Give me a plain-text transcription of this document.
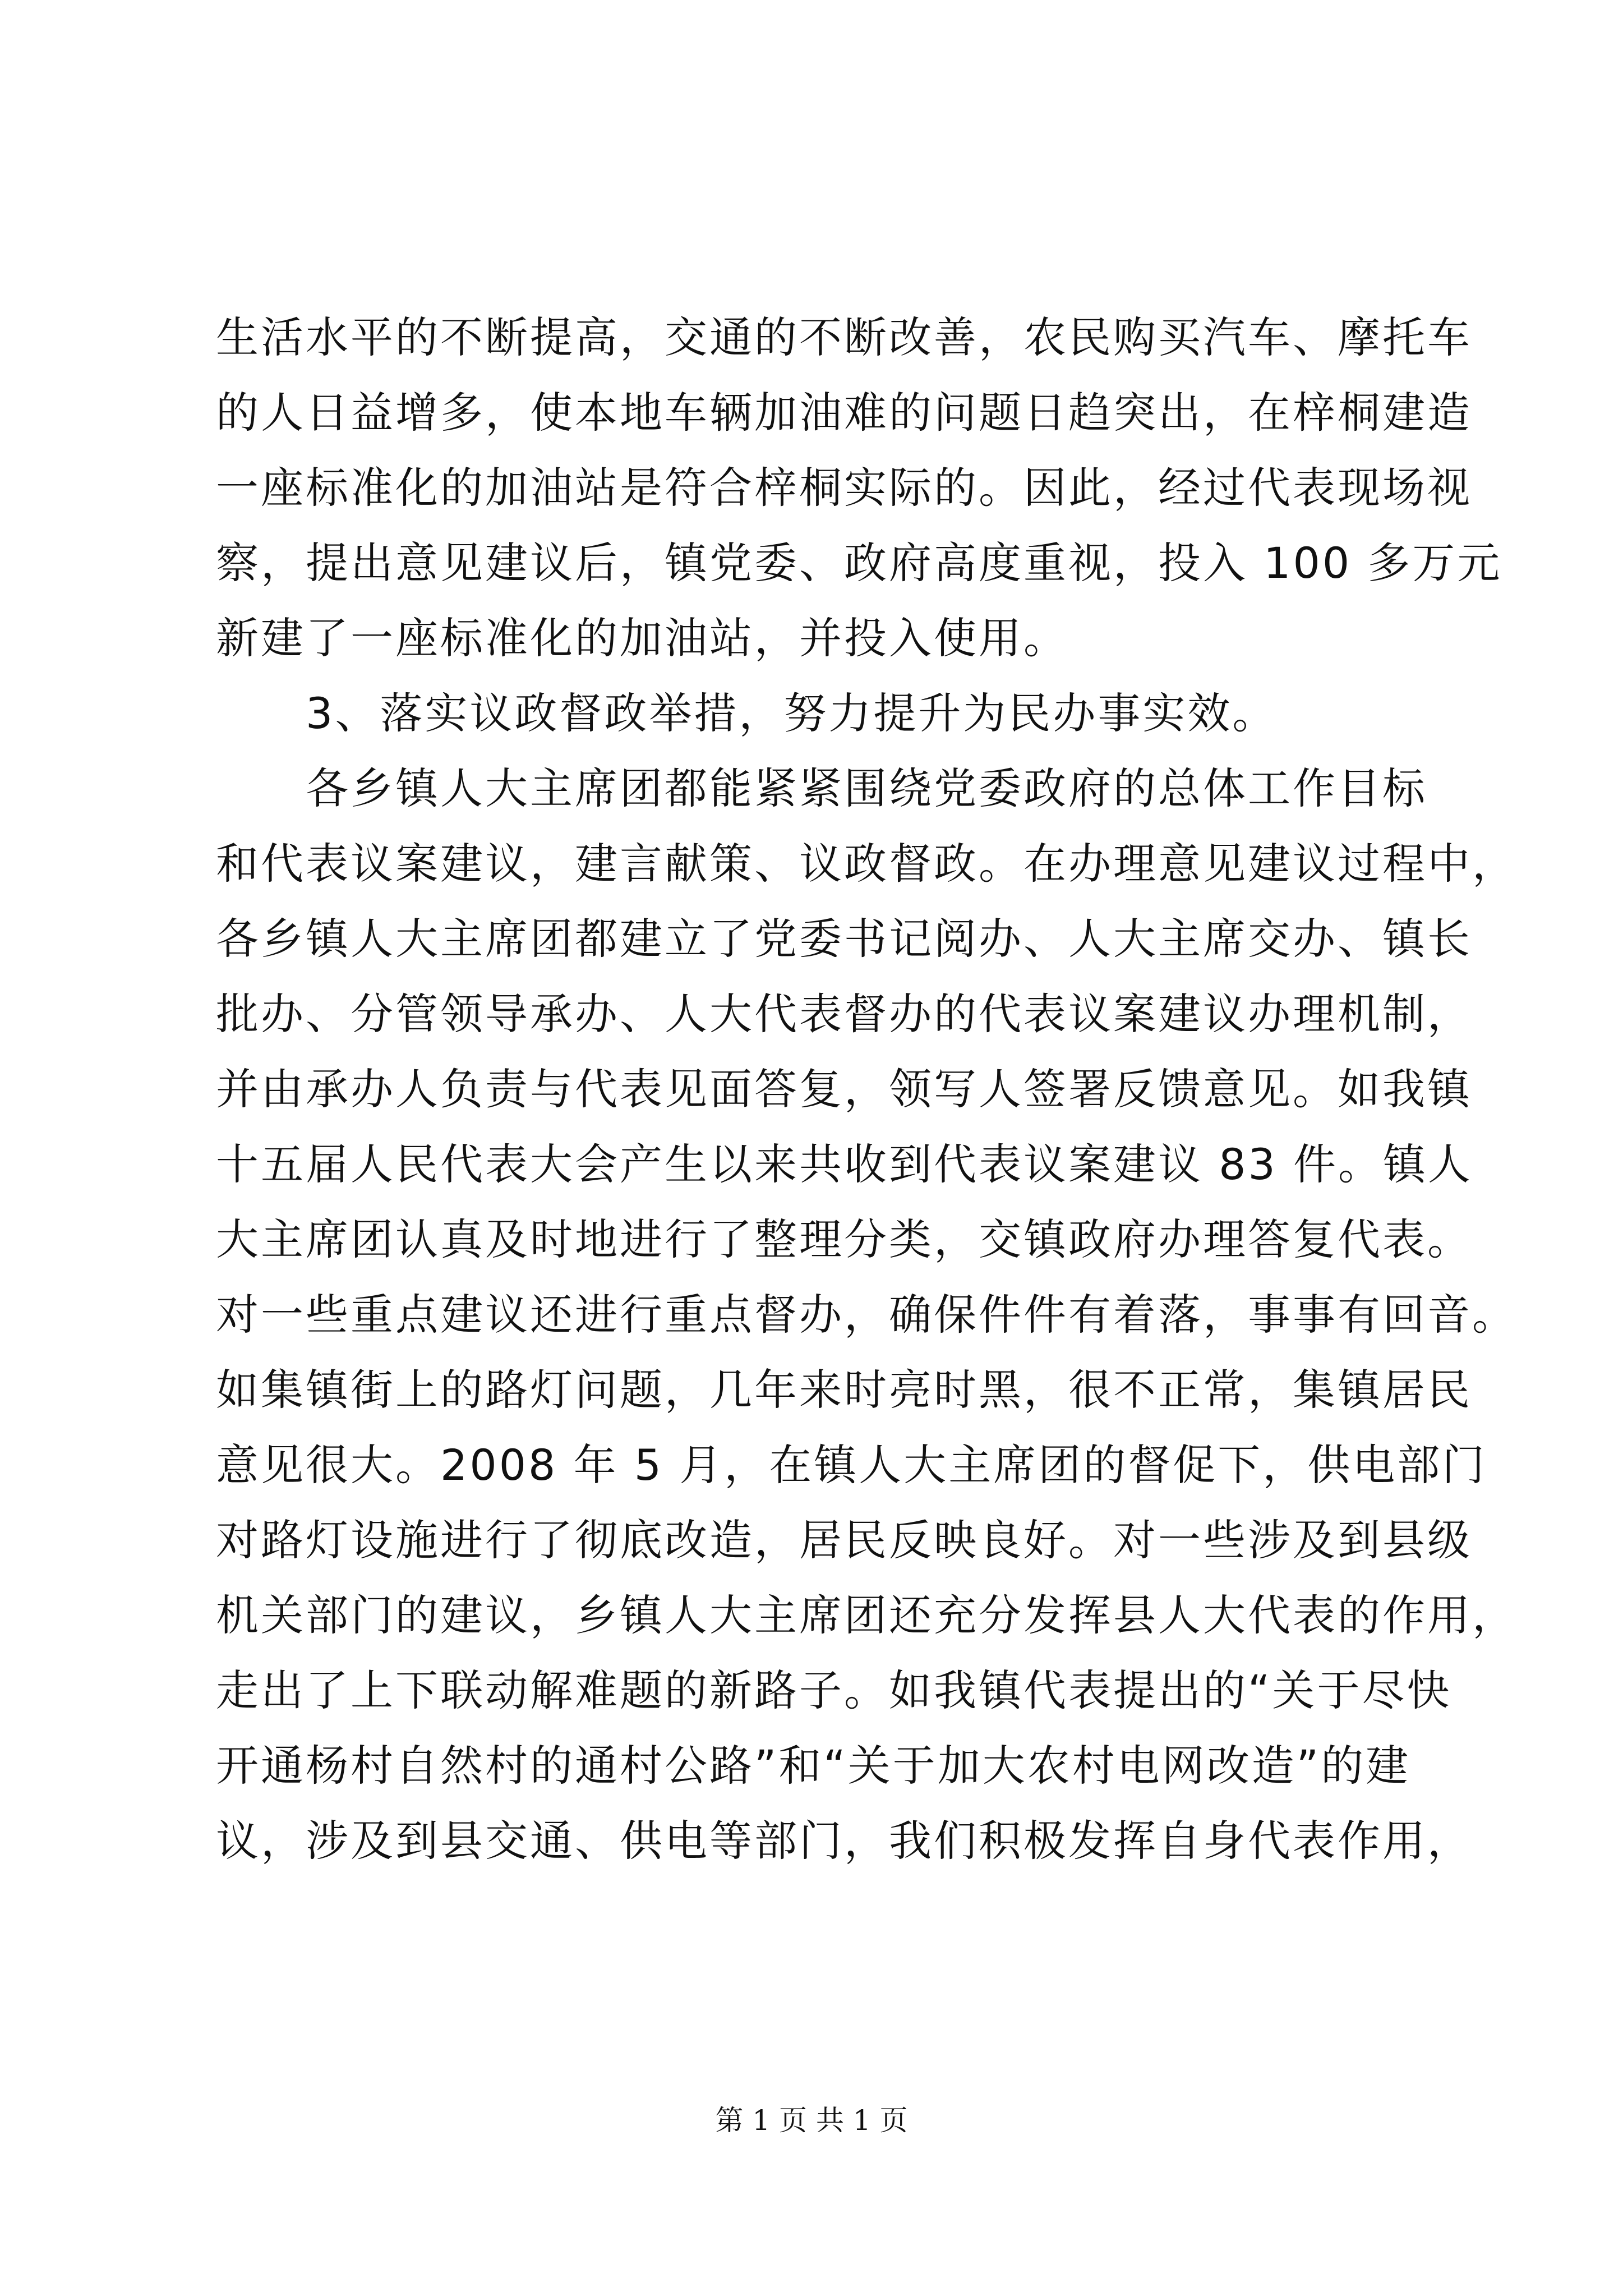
生活水平的不断提高，交通的不断改善，农民购买汽车、摩托车
的人日益增多，使本地车辆加油难的问题日趋突出，在梓桐建造
一座标准化的加油站是符合梓桐实际的。因此，经过代表现场视
察，提出意见建议后，镇党委、政府高度重视，投入 100 多万元
新建了一座标准化的加油站，并投入使用。
　　3、落实议政督政举措，努力提升为民办事实效。
　　各乡镇人大主席团都能紧紧围绕党委政府的总体工作目标
和代表议案建议，建言献策、议政督政。在办理意见建议过程中，
各乡镇人大主席团都建立了党委书记阅办、人大主席交办、镇长
批办、分管领导承办、人大代表督办的代表议案建议办理机制，
并由承办人负责与代表见面答复，领写人签署反馈意见。如我镇
十五届人民代表大会产生以来共收到代表议案建议 83 件。镇人
大主席团认真及时地进行了整理分类，交镇政府办理答复代表。
对一些重点建议还进行重点督办，确保件件有着落，事事有回音。
如集镇街上的路灯问题，几年来时亮时黑，很不正常，集镇居民
意见很大。2008 年 5 月，在镇人大主席团的督促下，供电部门
对路灯设施进行了彻底改造，居民反映良好。对一些涉及到县级
机关部门的建议，乡镇人大主席团还充分发挥县人大代表的作用，
走出了上下联动解难题的新路子。如我镇代表提出的“关于尽快
开通杨村自然村的通村公路”和“关于加大农村电网改造”的建
议，涉及到县交通、供电等部门，我们积极发挥自身代表作用，
第 1 页 共 1 页
